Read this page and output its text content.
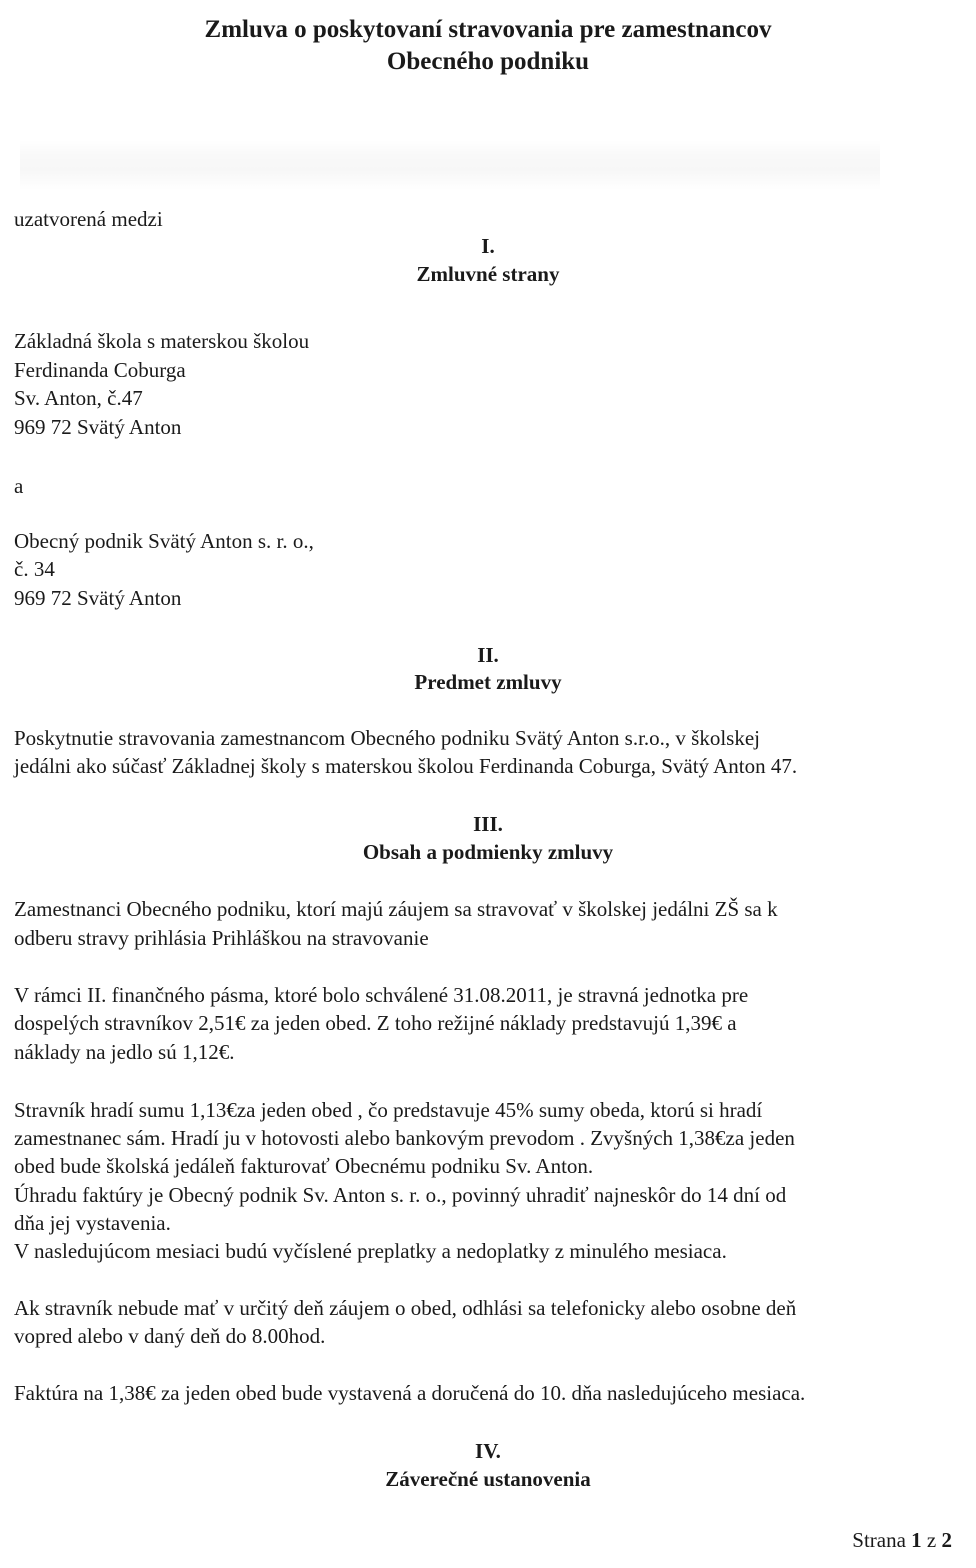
Zmluva o poskytovaní stravovania pre zamestnancov
Obecného podniku
uzatvorená medzi
I.
Zmluvné strany
Základná škola s materskou školou
Ferdinanda Coburga
Sv. Anton, č.47
969 72 Svätý Anton
a
Obecný podnik Svätý Anton s. r. o.,
č. 34
969 72 Svätý Anton
II.
Predmet zmluvy
Poskytnutie stravovania zamestnancom Obecného podniku Svätý Anton s.r.o., v školskej
jedálni ako súčasť Základnej školy s materskou školou Ferdinanda Coburga, Svätý Anton 47.
III.
Obsah a podmienky zmluvy
Zamestnanci Obecného podniku, ktorí majú záujem sa stravovať v školskej jedálni ZŠ sa k
odberu stravy prihlásia Prihláškou na stravovanie
V rámci II. finančného pásma, ktoré bolo schválené 31.08.2011, je stravná jednotka pre
dospelých stravníkov 2,51€ za jeden obed. Z toho režijné náklady predstavujú 1,39€ a
náklady na jedlo sú 1,12€.
Stravník hradí sumu 1,13€za jeden obed , čo predstavuje 45% sumy obeda, ktorú si hradí
zamestnanec sám. Hradí ju v hotovosti alebo bankovým prevodom . Zvyšných 1,38€za jeden
obed bude školská jedáleň fakturovať Obecnému podniku Sv. Anton.
Úhradu faktúry je Obecný podnik Sv. Anton s. r. o., povinný uhradiť najneskôr do 14 dní od
dňa jej vystavenia.
V nasledujúcom mesiaci budú vyčíslené preplatky a nedoplatky z minulého mesiaca.
Ak stravník nebude mať v určitý deň záujem o obed, odhlási sa telefonicky alebo osobne deň
vopred alebo v daný deň do 8.00hod.
Faktúra na 1,38€ za jeden obed bude vystavená a doručená do 10. dňa nasledujúceho mesiaca.
IV.
Záverečné ustanovenia
Strana 1 z 2
